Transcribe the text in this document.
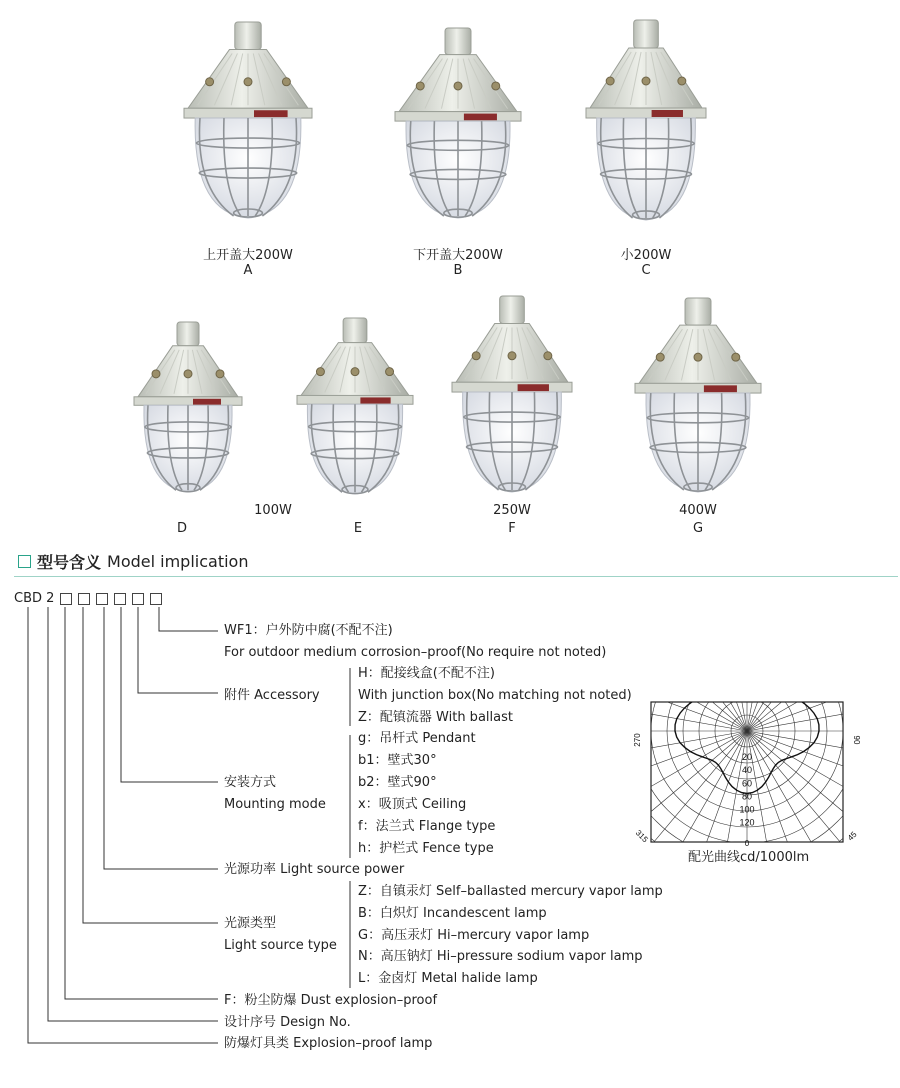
上开盖大200W
A
下开盖大200W
B
小200W
C
100W
D	E
250W
F
400W
G
型号含义 Model implication
CBD 2
WF1：户外防中腐(不配不注)
For outdoor medium corrosion–proof(No require not noted)
H：配接线盒(不配不注)
附件 Accessory	With junction box(No matching not noted)
Z：配镇流器 With ballast
g：吊杆式 Pendant
b1：壁式30°
安装方式	b2：壁式90°
Mounting mode x：吸顶式 Ceiling
f：法兰式 Flange type
h：护栏式 Fence type
光源功率 Light source power
Z：自镇汞灯 Self–ballasted mercury vapor lamp
B：白炽灯 Incandescent lamp
光源类型
G：高压汞灯 Hi–mercury vapor lamp
Light source type
N：高压钠灯 Hi–pressure sodium vapor lamp
L：金卤灯 Metal halide lamp
F：粉尘防爆 Dust explosion–proof
设计序号 Design No.
防爆灯具类 Explosion–proof lamp
20
40
60
80
100
120
270	90
315	0
45
配光曲线cd/1000lm
